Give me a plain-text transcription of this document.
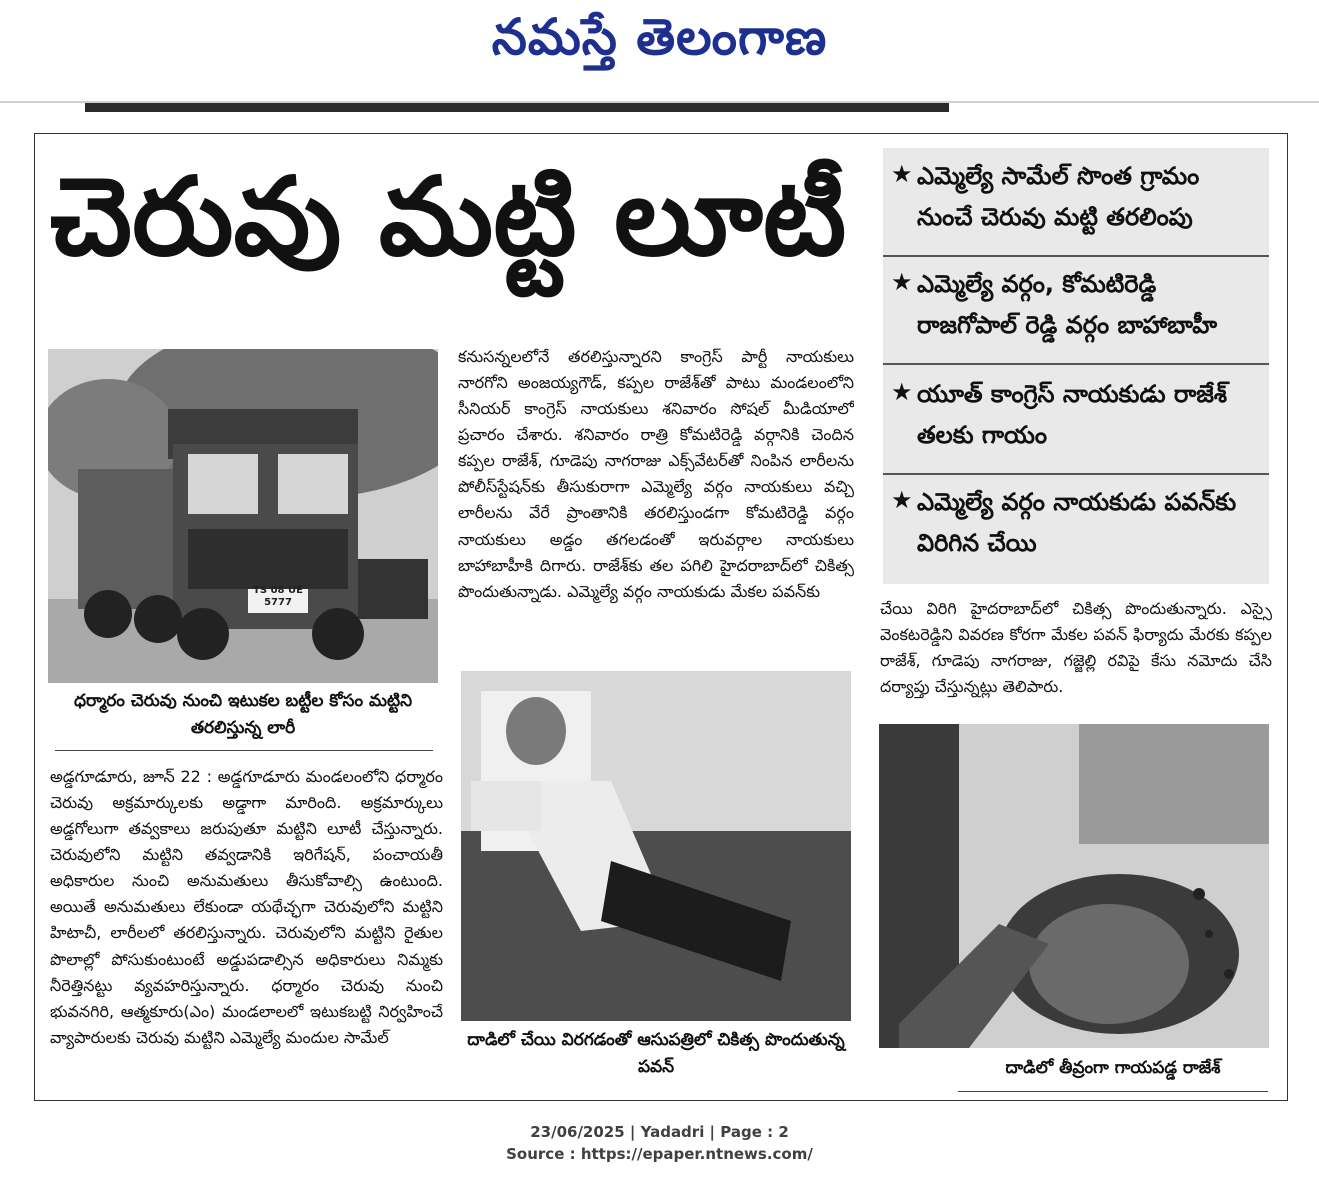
నమస్తే తెలంగాణ
చెరువు మట్టి లూటీ	★ ఎమ్మెల్యే సామేల్ సొంత గ్రామం నుంచే చెరువు మట్టి తరలింపు
★ ఎమ్మెల్యే వర్గం, కోమటిరెడ్డి రాజగోపాల్ రెడ్డి వర్గం బాహాబాహీ
★ యూత్ కాంగ్రెస్ నాయకుడు రాజేశ్ తలకు గాయం
★ ఎమ్మెల్యే వర్గం నాయకుడు పవన్‌కు విరిగిన చేయి
TS 08 UE 5777
ధర్మారం చెరువు నుంచి ఇటుకల బట్టీల కోసం మట్టిని తరలిస్తున్న లారీ
అడ్డగూడూరు, జూన్ 22 : అడ్డగూడూరు మండలంలోని ధర్మారం చెరువు అక్రమార్కులకు అడ్డాగా మారింది. అక్రమార్కులు అడ్డగోలుగా తవ్వకాలు జరుపుతూ మట్టిని లూటీ చేస్తున్నారు. చెరువులోని మట్టిని తవ్వడానికి ఇరిగేషన్, పంచాయతీ అధికారుల నుంచి అనుమతులు తీసుకోవాల్సి ఉంటుంది. అయితే అనుమతులు లేకుండా యథేచ్ఛగా చెరువులోని మట్టిని హిటాచీ, లారీలలో తరలిస్తున్నారు. చెరువులోని మట్టిని రైతుల పొలాల్లో పోసుకుంటుంటే అడ్డుపడాల్సిన అధికారులు నిమ్మకు నీరెత్తినట్టు వ్యవహరిస్తున్నారు. ధర్మారం చెరువు నుంచి భువనగిరి, ఆత్మకూరు(ఎం) మండలాలలో ఇటుకబట్టి నిర్వహించే వ్యాపారులకు చెరువు మట్టిని ఎమ్మెల్యే మందుల సామేల్
కనుసన్నలలోనే తరలిస్తున్నారని కాంగ్రెస్ పార్టీ నాయకులు నారగోని అంజయ్యగౌడ్, కప్పల రాజేశ్‌తో పాటు మండలంలోని సీనియర్ కాంగ్రెస్ నాయకులు శనివారం సోషల్ మీడియాలో ప్రచారం చేశారు. శనివారం రాత్రి కోమటిరెడ్డి వర్గానికి చెందిన కప్పల రాజేశ్, గూడెపు నాగరాజు ఎక్స్‌వేటర్‌తో నింపిన లారీలను పోలీస్‌స్టేషన్‌కు తీసుకురాగా ఎమ్మెల్యే వర్గం నాయకులు వచ్చి లారీలను వేరే ప్రాంతానికి తరలిస్తుండగా కోమటిరెడ్డి వర్గం నాయకులు అడ్డం తగలడంతో ఇరువర్గాల నాయకులు బాహాబాహీకి దిగారు. రాజేశ్‌కు తల పగిలి హైదరాబాద్‌లో చికిత్స పొందుతున్నాడు. ఎమ్మెల్యే వర్గం నాయకుడు మేకల పవన్‌కు
దాడిలో చేయి విరగడంతో ఆసుపత్రిలో చికిత్స పొందుతున్న పవన్
చేయి విరిగి హైదరాబాద్‌లో చికిత్స పొందుతున్నారు. ఎస్సై వెంకటరెడ్డిని వివరణ కోరగా మేకల పవన్ ఫిర్యాదు మేరకు కప్పల రాజేశ్, గూడెపు నాగరాజు, గజ్జెల్లి రవిపై కేసు నమోదు చేసి దర్యాప్తు చేస్తున్నట్లు తెలిపారు.
దాడిలో తీవ్రంగా గాయపడ్డ రాజేశ్
23/06/2025 | Yadadri | Page : 2
Source : https://epaper.ntnews.com/
